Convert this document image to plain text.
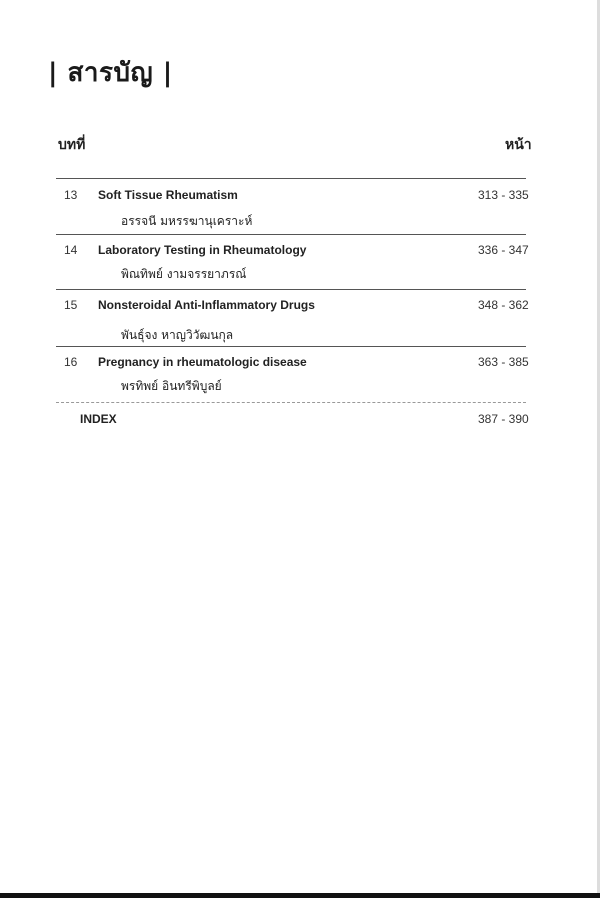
| สารบัญ |
บทที่	หน้า
13 Soft Tissue Rheumatism	313 - 335
อรรจนี มหรรฆานุเคราะห์
14 Laboratory Testing in Rheumatology	336 - 347
พิณทิพย์ งามจรรยาภรณ์
15 Nonsteroidal Anti-Inflammatory Drugs	348 - 362
พันธุ์จง หาญวิวัฒนกุล
16 Pregnancy in rheumatologic disease	363 - 385
พรทิพย์ อินทรีพิบูลย์
INDEX	387 - 390
